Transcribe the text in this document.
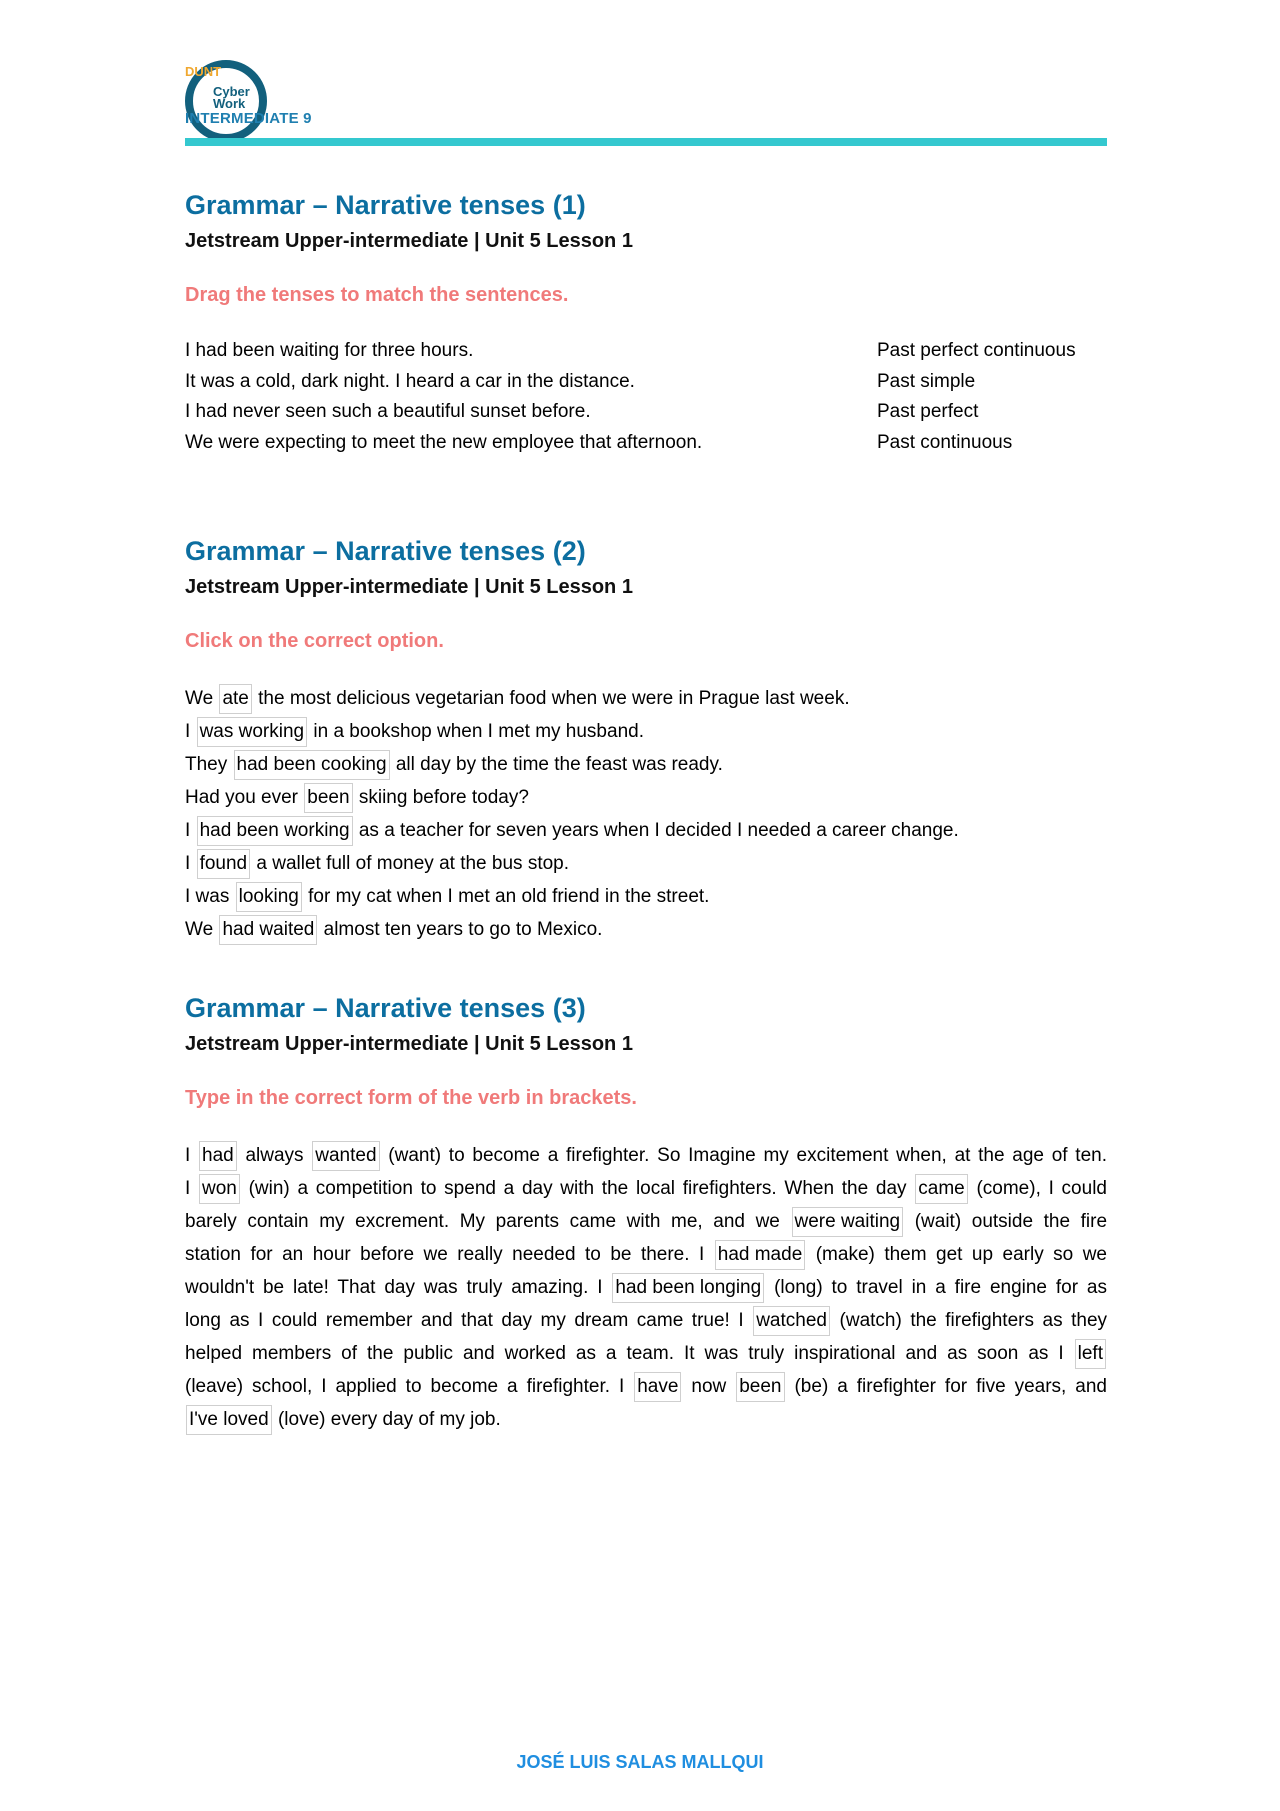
Cyber Work
DUNT
INTERMEDIATE 9
Grammar – Narrative tenses (1)
Jetstream Upper-intermediate | Unit 5 Lesson 1
Drag the tenses to match the sentences.
I had been waiting for three hours.
It was a cold, dark night. I heard a car in the distance.
I had never seen such a beautiful sunset before.
We were expecting to meet the new employee that afternoon.
Past perfect continuous
Past simple
Past perfect
Past continuous
Grammar – Narrative tenses (2)
Jetstream Upper-intermediate | Unit 5 Lesson 1
Click on the correct option.
We ate the most delicious vegetarian food when we were in Prague last week.
I was working in a bookshop when I met my husband.
They had been cooking all day by the time the feast was ready.
Had you ever been skiing before today?
I had been working as a teacher for seven years when I decided I needed a career change.
I found a wallet full of money at the bus stop.
I was looking for my cat when I met an old friend in the street.
We had waited almost ten years to go to Mexico.
Grammar – Narrative tenses (3)
Jetstream Upper-intermediate | Unit 5 Lesson 1
Type in the correct form of the verb in brackets.
I had always wanted (want) to become a firefighter. So Imagine my excitement when, at the age of ten.
I won (win) a competition to spend a day with the local firefighters. When the day came (come), I could
barely contain my excrement. My parents came with me, and we were waiting (wait) outside the fire
station for an hour before we really needed to be there. I had made (make) them get up early so we
wouldn't be late! That day was truly amazing. I had been longing (long) to travel in a fire engine for as
long as I could remember and that day my dream came true! I watched (watch) the firefighters as they
helped members of the public and worked as a team. It was truly inspirational and as soon as I left
(leave) school, I applied to become a firefighter. I have now been (be) a firefighter for five years, and
I've loved (love) every day of my job.
JOSÉ LUIS SALAS MALLQUI
